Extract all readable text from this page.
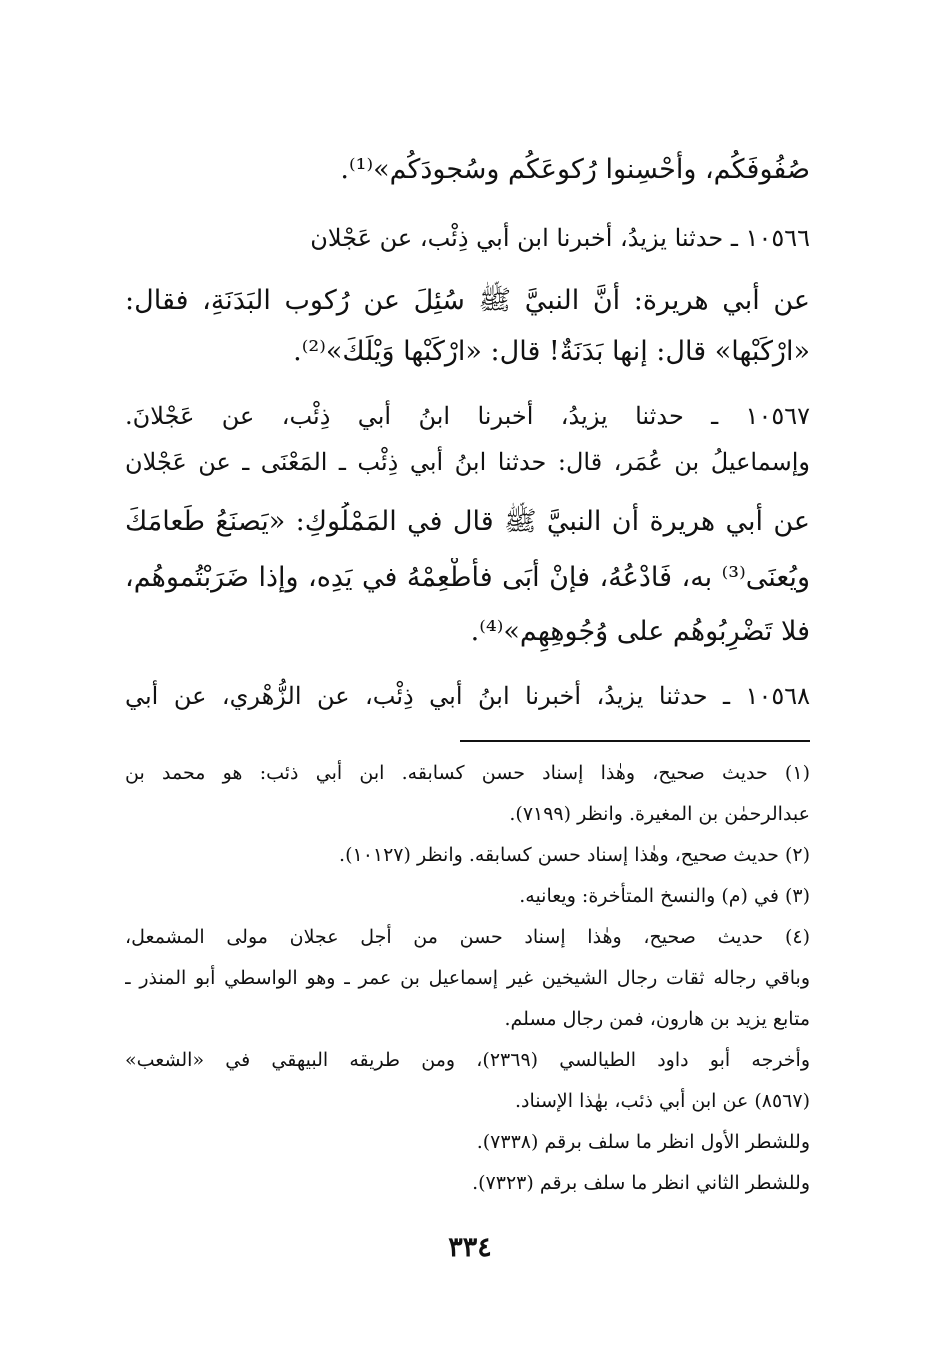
صُفُوفَكُم، وأَحْسِنوا رُكوعَكُم وسُجودَكُم»⁽¹⁾.
١٠٥٦٦ ـ حدثنا يزيدُ، أخبرنا ابن أبي ذِئْب، عن عَجْلان
عن أبي هريرة: أنَّ النبيَّ ﷺ سُئِلَ عن رُكوب البَدَنَةِ، فقال:
«ارْكَبْها» قال: إنها بَدَنَةٌ! قال: «ارْكَبْها وَيْلَكَ»⁽²⁾.
١٠٥٦٧ ـ حدثنا يزيدُ، أخبرنا ابنُ أبي ذِئْب، عن عَجْلانَ.
وإسماعيلُ بن عُمَر، قال: حدثنا ابنُ أبي ذِئْب ـ المَعْنَى ـ عن عَجْلان
عن أبي هريرة أن النبيَّ ﷺ قال في المَمْلُوكِ: «يَصنَعُ طَعامَكَ
ويُعنَى⁽³⁾ به، فَادْعُهُ، فإنْ أَبَى فأَطْعِمْهُ في يَدِه، وإذا ضَرَبْتُموهُم،
فلا تَضْرِبُوهُم على وُجُوهِهِم»⁽⁴⁾.
١٠٥٦٨ ـ حدثنا يزيدُ، أخبرنا ابنُ أبي ذِئْب، عن الزُّهْري، عن أبي
(١) حديث صحيح، وهٰذا إسناد حسن كسابقه. ابن أبي ذئب: هو محمد بن
عبدالرحمٰن بن المغيرة. وانظر (٧١٩٩).
(٢) حديث صحيح، وهٰذا إسناد حسن كسابقه. وانظر (١٠١٢٧).
(٣) في (م) والنسخ المتأخرة: ويعانيه.
(٤) حديث صحيح، وهٰذا إسناد حسن من أجل عجلان مولى المشمعل،
وباقي رجاله ثقات رجال الشيخين غير إسماعيل بن عمر ـ وهو الواسطي أبو المنذر ـ
متابع يزيد بن هارون، فمن رجال مسلم.
وأخرجه أبو داود الطيالسي (٢٣٦٩)، ومن طريقه البيهقي في «الشعب»
(٨٥٦٧) عن ابن أبي ذئب، بهٰذا الإسناد.
وللشطر الأول انظر ما سلف برقم (٧٣٣٨).
وللشطر الثاني انظر ما سلف برقم (٧٣٢٣).
٣٣٤
